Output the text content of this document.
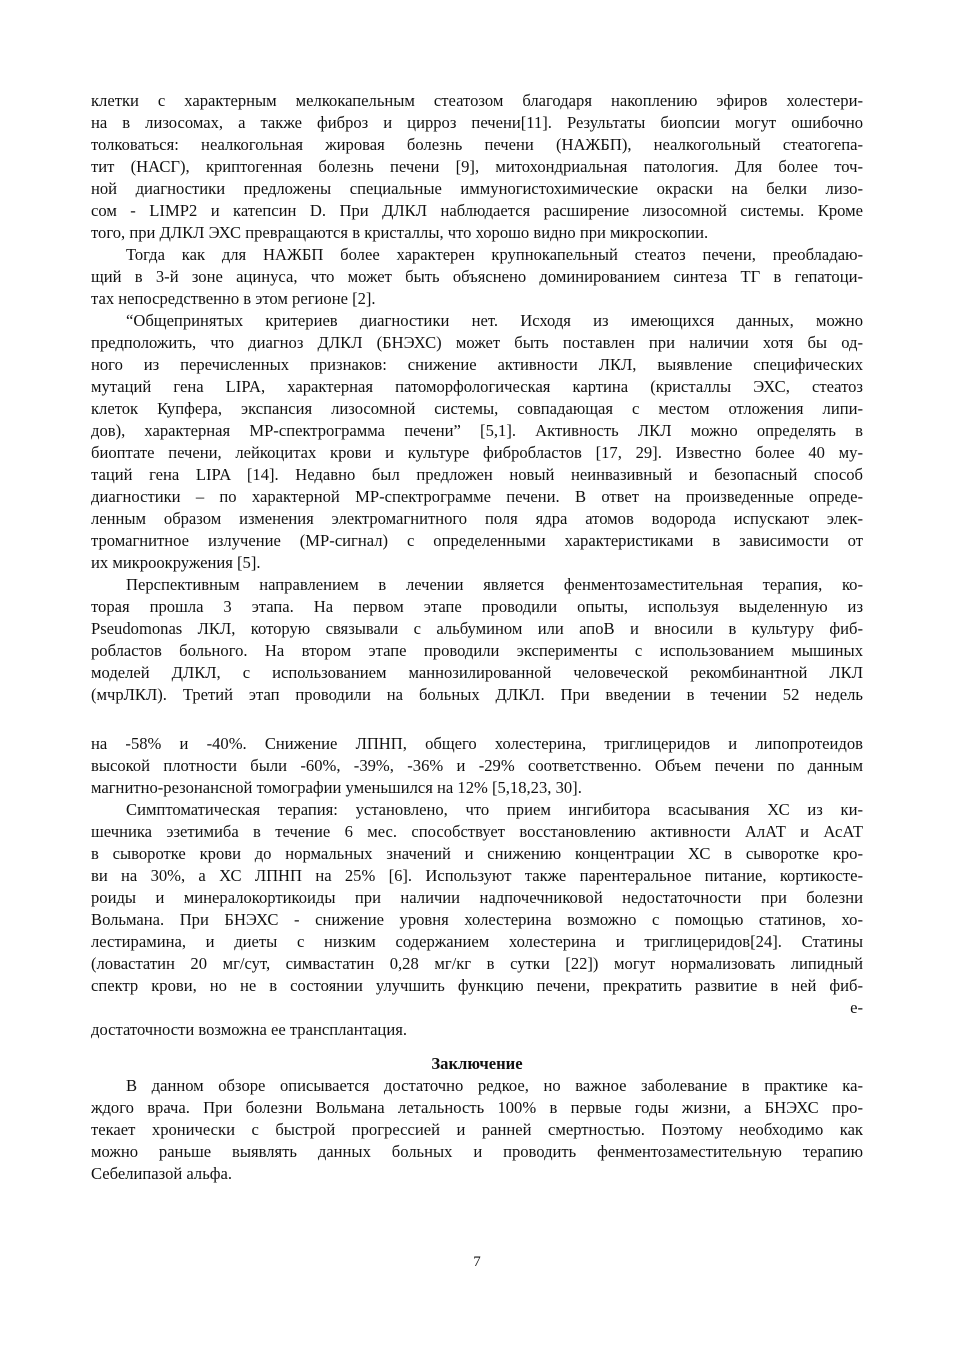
клетки с характерным мелкокапельным стеатозом благодаря накоплению эфиров холестери-
на в лизосомах, а также фиброз и цирроз печени[11]. Результаты биопсии могут ошибочно
толковаться: неалкогольная жировая болезнь печени (НАЖБП), неалкогольный стеатогепа-
тит (НАСГ), криптогенная болезнь печени [9], митохондриальная патология. Для более точ-
ной диагностики предложены специальные иммуногистохимические окраски на белки лизо-
сом - LIMP2 и катепсин D. При ДЛКЛ наблюдается расширение лизосомной системы. Кроме
того, при ДЛКЛ ЭХС превращаются в кристаллы, что хорошо видно при микроскопии.
Тогда как для НАЖБП более характерен крупнокапельный стеатоз печени, преобладаю-
щий в 3-й зоне ацинуса, что может быть объяснено доминированием синтеза ТГ в гепатоци-
тах непосредственно в этом регионе [2].
“Общепринятых критериев диагностики нет. Исходя из имеющихся данных, можно
предположить, что диагноз ДЛКЛ (БНЭХС) может быть поставлен при наличии хотя бы од-
ного из перечисленных признаков: снижение активности ЛКЛ, выявление специфических
мутаций гена LIPA, характерная патоморфологическая картина (кристаллы ЭХС, стеатоз
клеток Купфера, экспансия лизосомной системы, совпадающая с местом отложения липи-
дов), характерная МР-спектрограмма печени” [5,1]. Активность ЛКЛ можно определять в
биоптате печени, лейкоцитах крови и культуре фибробластов [17, 29]. Известно более 40 му-
таций гена LIPA [14]. Недавно был предложен новый неинвазивный и безопасный способ
диагностики – по характерной МР-спектрограмме печени. В ответ на произведенные опреде-
ленным образом изменения электромагнитного поля ядра атомов водорода испускают элек-
тромагнитное излучение (МР-сигнал) с определенными характеристиками в зависимости от
их микроокружения [5].
Перспективным направлением в лечении является фенментозаместительная терапия, ко-
торая прошла 3 этапа. На первом этапе проводили опыты, используя выделенную из
Pseudomonas ЛКЛ, которую связывали с альбумином или апоВ и вносили в культуру фиб-
робластов больного. На втором этапе проводили эксперименты с использованием мышиных
моделей ДЛКЛ, с использованием маннозилированной человеческой рекомбинантной ЛКЛ
(мчрЛКЛ). Третий этап проводили на больных ДЛКЛ. При введении в течении 52 недель
на -58% и -40%. Снижение ЛПНП, общего холестерина, триглицеридов и липопротеидов
высокой плотности были -60%, -39%, -36% и -29% соответственно. Объем печени по данным
магнитно-резонансной томографии уменьшился на 12% [5,18,23, 30].
Симптоматическая терапия: установлено, что прием ингибитора всасывания ХС из ки-
шечника эзетимиба в течение 6 мес. способствует восстановлению активности АлАТ и АсАТ
в сыворотке крови до нормальных значений и снижению концентрации ХС в сыворотке кро-
ви на 30%, а ХС ЛПНП на 25% [6]. Используют также парентеральное питание, кортикосте-
роиды и минералокортикоиды при наличии надпочечниковой недостаточности при болезни
Вольмана. При БНЭХС - снижение уровня холестерина возможно с помощью статинов, хо-
лестирамина, и диеты с низким содержанием холестерина и триглицеридов[24]. Статины
(ловастатин 20 мг/сут, симвастатин 0,28 мг/кг в сутки [22]) могут нормализовать липидный
спектр крови, но не в состоянии улучшить функцию печени, прекратить развитие в ней фиб-
е-
достаточности возможна ее трансплантация.
Заключение
В данном обзоре описывается достаточно редкое, но важное заболевание в практике ка-
ждого врача. При болезни Вольмана летальность 100% в первые годы жизни, а БНЭХС про-
текает хронически с быстрой прогрессией и ранней смертностью. Поэтому необходимо как
можно раньше выявлять данных больных и проводить фенментозаместительную терапию
Себелипазой альфа.
7
